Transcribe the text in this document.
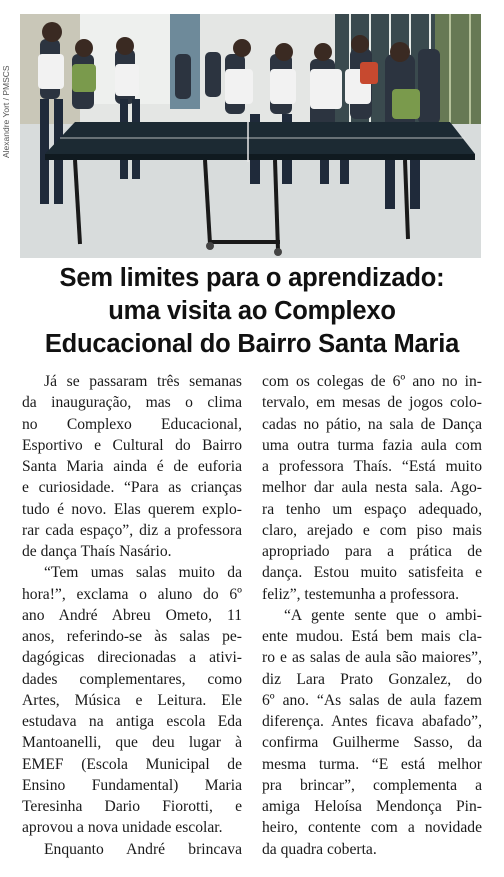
Alexandre Yort / PMSCS
Sem limites para o aprendizado:
uma visita ao Complexo
Educacional do Bairro Santa Maria
Já se passaram três semanas
da inauguração, mas o clima
no Complexo Educacional,
Esportivo e Cultural do Bairro
Santa Maria ainda é de euforia
e curiosidade. “Para as crianças
tudo é novo. Elas querem explo-
rar cada espaço”, diz a professora
de dança Thaís Nasário.
“Tem umas salas muito da
hora!”, exclama o aluno do 6º
ano André Abreu Ometo, 11
anos, referindo-se às salas pe-
dagógicas direcionadas a ativi-
dades complementares, como
Artes, Música e Leitura. Ele
estudava na antiga escola Eda
Mantoanelli, que deu lugar à
EMEF (Escola Municipal de
Ensino Fundamental) Maria
Teresinha Dario Fiorotti, e
aprovou a nova unidade escolar.
Enquanto André brincava
com os colegas de 6º ano no in-
tervalo, em mesas de jogos colo-
cadas no pátio, na sala de Dança
uma outra turma fazia aula com
a professora Thaís. “Está muito
melhor dar aula nesta sala. Ago-
ra tenho um espaço adequado,
claro, arejado e com piso mais
apropriado para a prática de
dança. Estou muito satisfeita e
feliz”, testemunha a professora.
“A gente sente que o ambi-
ente mudou. Está bem mais cla-
ro e as salas de aula são maiores”,
diz Lara Prato Gonzalez, do
6º ano. “As salas de aula fazem
diferença. Antes ficava abafado”,
confirma Guilherme Sasso, da
mesma turma. “E está melhor
pra brincar”, complementa a
amiga Heloísa Mendonça Pin-
heiro, contente com a novidade
da quadra coberta.
